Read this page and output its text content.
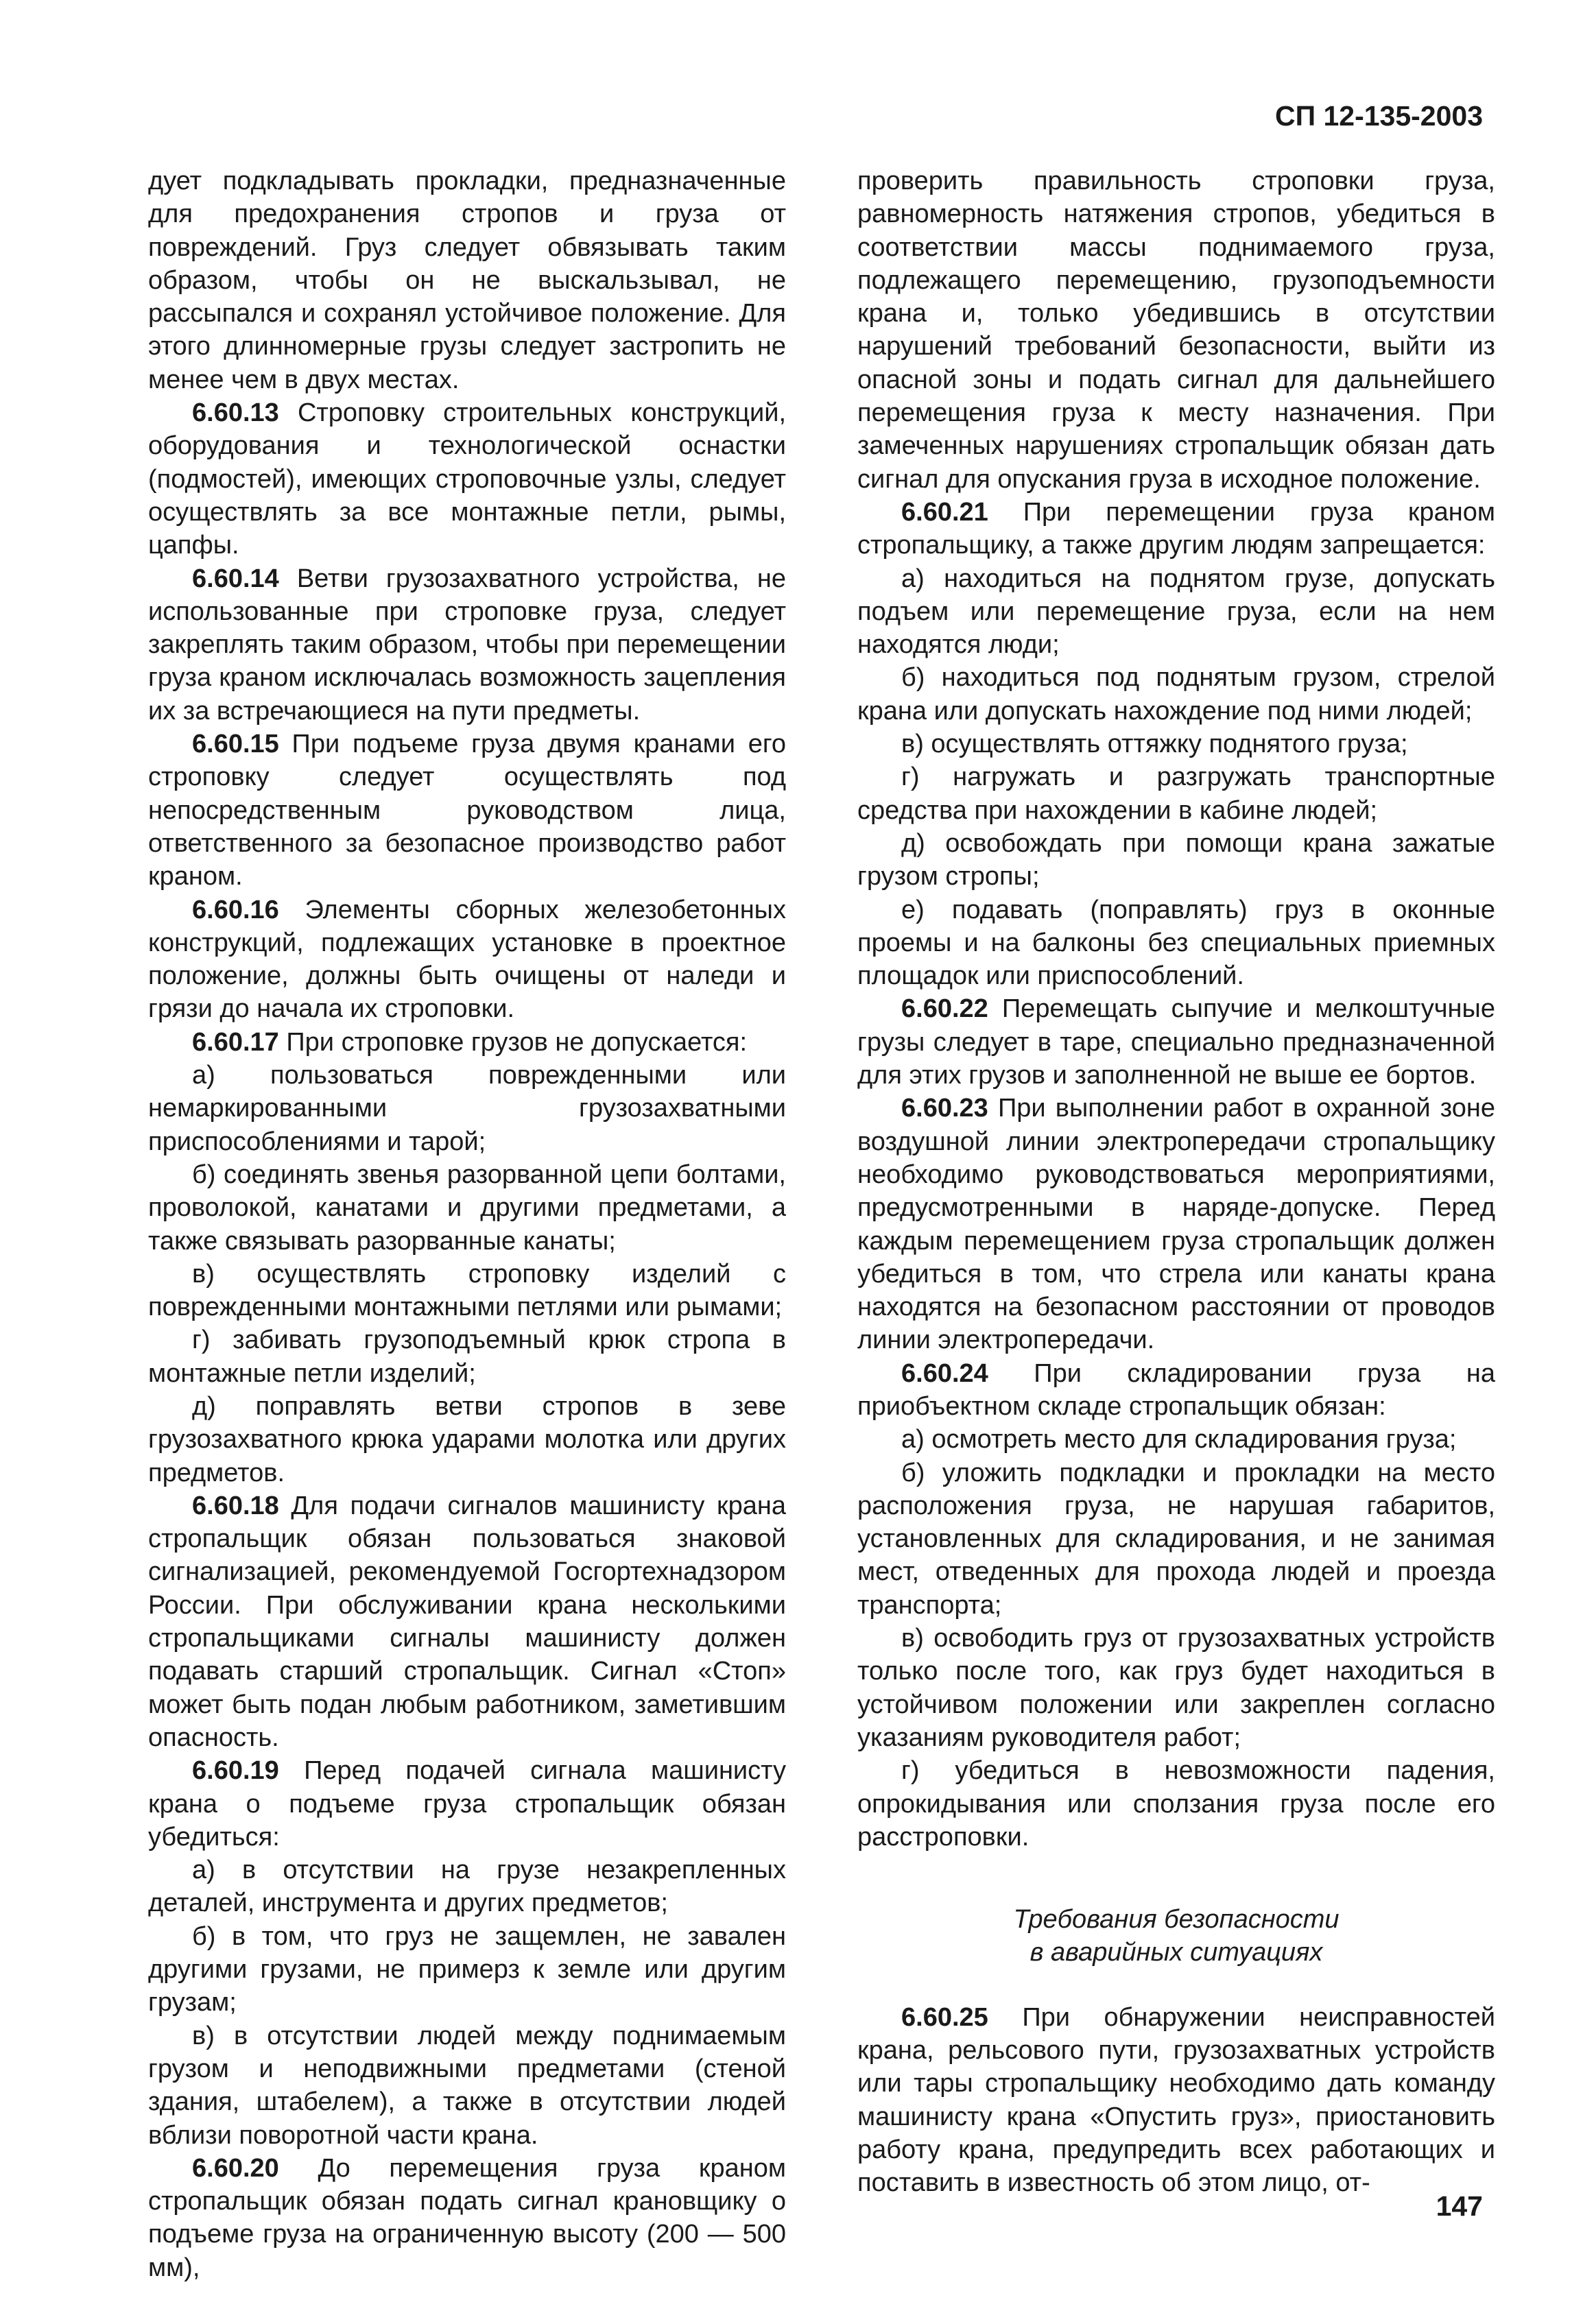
СП 12-135-2003

дует подкладывать прокладки, предназначенные для предохранения стропов и груза от повреждений. Груз следует обвязывать таким образом, чтобы он не выскальзывал, не рассыпался и сохранял устойчивое положение. Для этого длинномерные грузы следует застропить не менее чем в двух местах.

6.60.13 Строповку строительных конструкций, оборудования и технологической оснастки (подмостей), имеющих строповочные узлы, следует осуществлять за все монтажные петли, рымы, цапфы.

6.60.14 Ветви грузозахватного устройства, не использованные при строповке груза, следует закреплять таким образом, чтобы при перемещении груза краном исключалась возможность зацепления их за встречающиеся на пути предметы.

6.60.15 При подъеме груза двумя кранами его строповку следует осуществлять под непосредственным руководством лица, ответственного за безопасное производство работ краном.

6.60.16 Элементы сборных железобетонных конструкций, подлежащих установке в проектное положение, должны быть очищены от наледи и грязи до начала их строповки.

6.60.17 При строповке грузов не допускается:

а) пользоваться поврежденными или немаркированными грузозахватными приспособлениями и тарой;

б) соединять звенья разорванной цепи болтами, проволокой, канатами и другими предметами, а также связывать разорванные канаты;

в) осуществлять строповку изделий с поврежденными монтажными петлями или рымами;

г) забивать грузоподъемный крюк стропа в монтажные петли изделий;

д) поправлять ветви стропов в зеве грузозахватного крюка ударами молотка или других предметов.

6.60.18 Для подачи сигналов машинисту крана стропальщик обязан пользоваться знаковой сигнализацией, рекомендуемой Госгортехнадзором России. При обслуживании крана несколькими стропальщиками сигналы машинисту должен подавать старший стропальщик. Сигнал «Стоп» может быть подан любым работником, заметившим опасность.

6.60.19 Перед подачей сигнала машинисту крана о подъеме груза стропальщик обязан убедиться:

а) в отсутствии на грузе незакрепленных деталей, инструмента и других предметов;

б) в том, что груз не защемлен, не завален другими грузами, не примерз к земле или другим грузам;

в) в отсутствии людей между поднимаемым грузом и неподвижными предметами (стеной здания, штабелем), а также в отсутствии людей вблизи поворотной части крана.

6.60.20 До перемещения груза краном стропальщик обязан подать сигнал крановщику о подъеме груза на ограниченную высоту (200 — 500 мм),

проверить правильность строповки груза, равномерность натяжения стропов, убедиться в соответствии массы поднимаемого груза, подлежащего перемещению, грузоподъемности крана и, только убедившись в отсутствии нарушений требований безопасности, выйти из опасной зоны и подать сигнал для дальнейшего перемещения груза к месту назначения. При замеченных нарушениях стропальщик обязан дать сигнал для опускания груза в исходное положение.

6.60.21 При перемещении груза краном стропальщику, а также другим людям запрещается:

а) находиться на поднятом грузе, допускать подъем или перемещение груза, если на нем находятся люди;

б) находиться под поднятым грузом, стрелой крана или допускать нахождение под ними людей;

в) осуществлять оттяжку поднятого груза;

г) нагружать и разгружать транспортные средства при нахождении в кабине людей;

д) освобождать при помощи крана зажатые грузом стропы;

е) подавать (поправлять) груз в оконные проемы и на балконы без специальных приемных площадок или приспособлений.

6.60.22 Перемещать сыпучие и мелкоштучные грузы следует в таре, специально предназначенной для этих грузов и заполненной не выше ее бортов.

6.60.23 При выполнении работ в охранной зоне воздушной линии электропередачи стропальщику необходимо руководствоваться мероприятиями, предусмотренными в наряде-допуске. Перед каждым перемещением груза стропальщик должен убедиться в том, что стрела или канаты крана находятся на безопасном расстоянии от проводов линии электропередачи.

6.60.24 При складировании груза на приобъектном складе стропальщик обязан:

а) осмотреть место для складирования груза;

б) уложить подкладки и прокладки на место расположения груза, не нарушая габаритов, установленных для складирования, и не занимая мест, отведенных для прохода людей и проезда транспорта;

в) освободить груз от грузозахватных устройств только после того, как груз будет находиться в устойчивом положении или закреплен согласно указаниям руководителя работ;

г) убедиться в невозможности падения, опрокидывания или сползания груза после его расстроповки.

Требования безопасности
в аварийных ситуациях

6.60.25 При обнаружении неисправностей крана, рельсового пути, грузозахватных устройств или тары стропальщику необходимо дать команду машинисту крана «Опустить груз», приостановить работу крана, предупредить всех работающих и поставить в известность об этом лицо, от-

147
